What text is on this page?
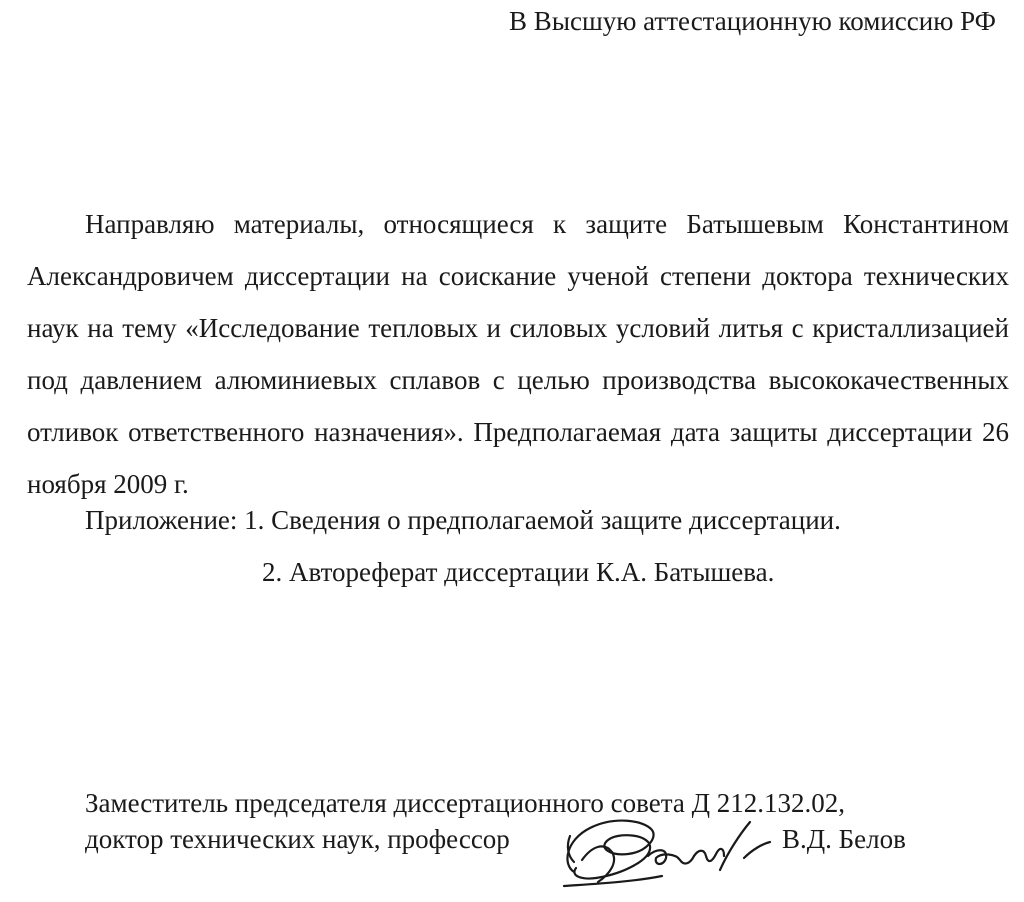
В Высшую аттестационную комиссию РФ

Направляю материалы, относящиеся к защите Батышевым Константином Александровичем диссертации на соискание ученой степени доктора технических наук на тему «Исследование тепловых и силовых условий литья с кристаллизацией под давлением алюминиевых сплавов с целью производства высококачественных отливок ответственного назначения». Предполагаемая дата защиты диссертации 26 ноября 2009 г.

Приложение: 1. Сведения о предполагаемой защите диссертации.
2. Автореферат диссертации К.А. Батышева.
Заместитель председателя диссертационного совета Д 212.132.02,
доктор технических наук, профессор	В.Д. Белов
